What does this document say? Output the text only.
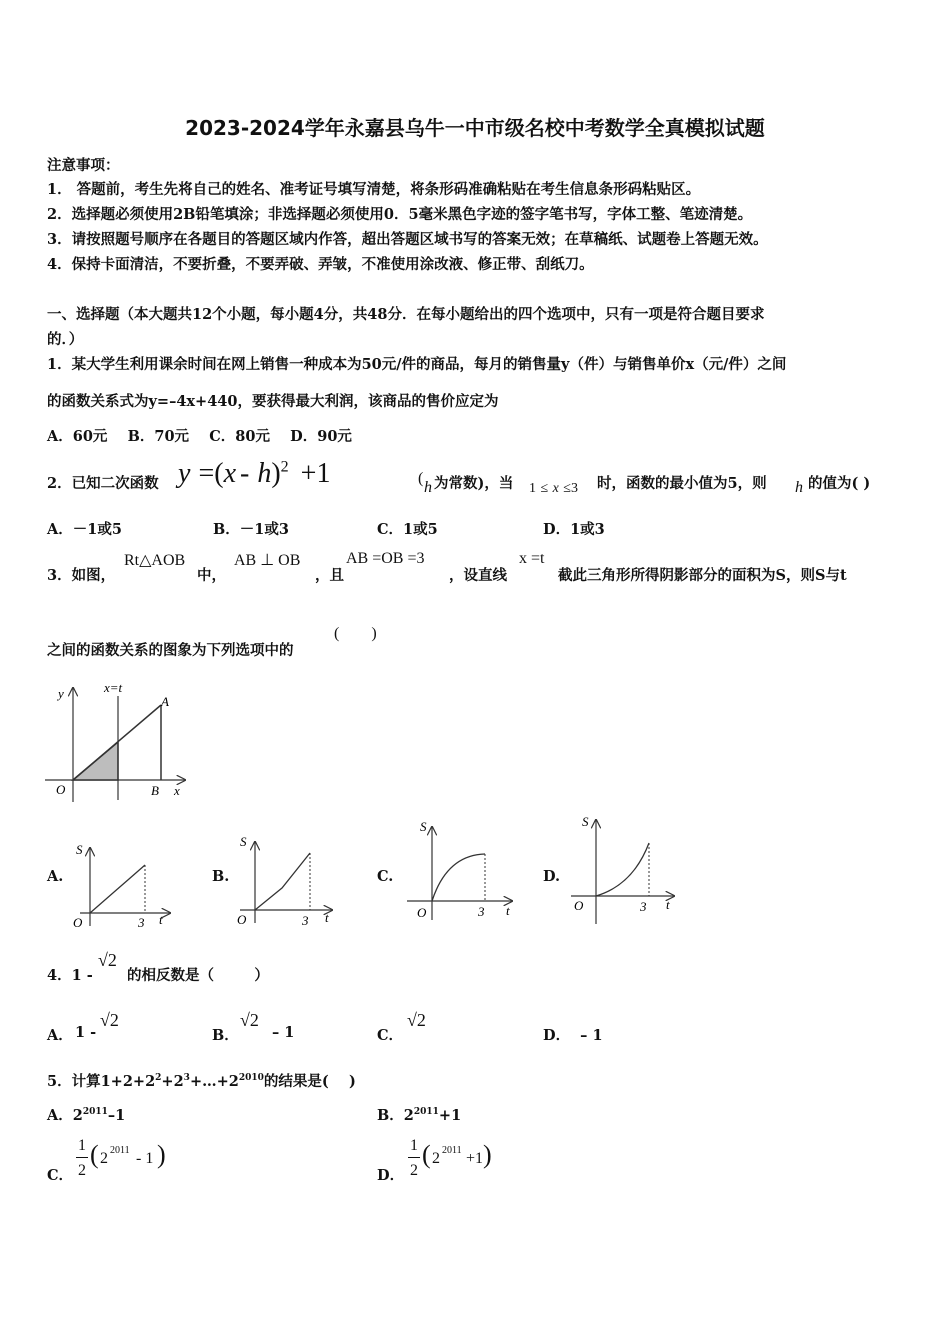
2023-2024学年永嘉县乌牛一中市级名校中考数学全真模拟试题
注意事项：
1． 答题前，考生先将自己的姓名、准考证号填写清楚，将条形码准确粘贴在考生信息条形码粘贴区。
2．选择题必须使用2B铅笔填涂；非选择题必须使用0．5毫米黑色字迹的签字笔书写，字体工整、笔迹清楚。
3．请按照题号顺序在各题目的答题区域内作答，超出答题区域书写的答案无效；在草稿纸、试题卷上答题无效。
4．保持卡面清洁，不要折叠，不要弄破、弄皱，不准使用涂改液、修正带、刮纸刀。
一、选择题（本大题共12个小题，每小题4分，共48分．在每小题给出的四个选项中，只有一项是符合题目要求
的．）
1．某大学生利用课余时间在网上销售一种成本为50元/件的商品，每月的销售量y（件）与销售单价x（元/件）之间
的函数关系式为y=–4x+440，要获得最大利润，该商品的售价应定为
A．60元    B．70元    C．80元    D．90元
2．已知二次函数 y =(x - h)$^2$ +1	(
h 为常数)，当 1 ≤ x ≤3 时，函数的最小值为5，则 h 的值为( )
A．－1或5	B．－1或3	C．1或5	D．1或3
3．如图，
Rt△AOB
中，
AB ⊥ OB
，且
AB =OB =3
，设直线
x =t
截此三角形所得阴影部分的面积为S，则S与t
之间的函数关系的图象为下列选项中的
(        )
y	x=t
A
O	B x
A.
S
O	3 t
B.
S
O	3 t
C.
S
O	3 t
D.
S
O	3 t
4．1 -
√2
的相反数是（        ）
A． 1 -
√2
B．
√2
– 1	C．
√2
D．  – 1
5．计算$1+2+2^2+2^3+\dots+2^{2010}$的结果是(    )
A．$2^{2011}-1$	B．$2^{2011}+1$
C．
1
2
( 2 2011 - 1 )
D．
1
2
( 2 2011 +1 )
